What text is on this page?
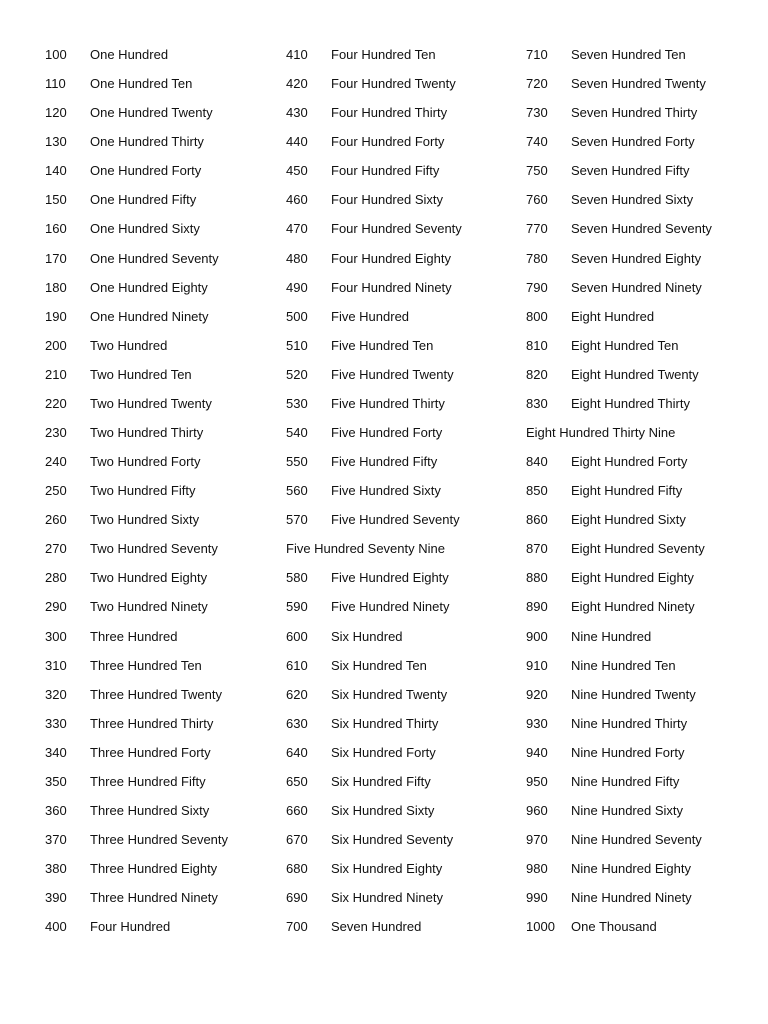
100 One Hundred
110 One Hundred Ten
120 One Hundred Twenty
130 One Hundred Thirty
140 One Hundred Forty
150 One Hundred Fifty
160 One Hundred Sixty
170 One Hundred Seventy
180 One Hundred Eighty
190 One Hundred Ninety
200 Two Hundred
210 Two Hundred Ten
220 Two Hundred Twenty
230 Two Hundred Thirty
240 Two Hundred Forty
250 Two Hundred Fifty
260 Two Hundred Sixty
270 Two Hundred Seventy
280 Two Hundred Eighty
290 Two Hundred Ninety
300 Three Hundred
310 Three Hundred Ten
320 Three Hundred Twenty
330 Three Hundred Thirty
340 Three Hundred Forty
350 Three Hundred Fifty
360 Three Hundred Sixty
370 Three Hundred Seventy
380 Three Hundred Eighty
390 Three Hundred Ninety
400 Four Hundred
410 Four Hundred Ten
420 Four Hundred Twenty
430 Four Hundred Thirty
440 Four Hundred Forty
450 Four Hundred Fifty
460 Four Hundred Sixty
470 Four Hundred Seventy
480 Four Hundred Eighty
490 Four Hundred Ninety
500 Five Hundred
510 Five Hundred Ten
520 Five Hundred Twenty
530 Five Hundred Thirty
540 Five Hundred Forty
550 Five Hundred Fifty
560 Five Hundred Sixty
570 Five Hundred Seventy
Five Hundred Seventy Nine
580 Five Hundred Eighty
590 Five Hundred Ninety
600 Six Hundred
610 Six Hundred Ten
620 Six Hundred Twenty
630 Six Hundred Thirty
640 Six Hundred Forty
650 Six Hundred Fifty
660 Six Hundred Sixty
670 Six Hundred Seventy
680 Six Hundred Eighty
690 Six Hundred Ninety
700 Seven Hundred
710 Seven Hundred Ten
720 Seven Hundred Twenty
730 Seven Hundred Thirty
740 Seven Hundred Forty
750 Seven Hundred Fifty
760 Seven Hundred Sixty
770 Seven Hundred Seventy
780 Seven Hundred Eighty
790 Seven Hundred Ninety
800 Eight Hundred
810 Eight Hundred Ten
820 Eight Hundred Twenty
830 Eight Hundred Thirty
Eight Hundred Thirty Nine
840 Eight Hundred Forty
850 Eight Hundred Fifty
860 Eight Hundred Sixty
870 Eight Hundred Seventy
880 Eight Hundred Eighty
890 Eight Hundred Ninety
900 Nine Hundred
910 Nine Hundred Ten
920 Nine Hundred Twenty
930 Nine Hundred Thirty
940 Nine Hundred Forty
950 Nine Hundred Fifty
960 Nine Hundred Sixty
970 Nine Hundred Seventy
980 Nine Hundred Eighty
990 Nine Hundred Ninety
1000 One Thousand
